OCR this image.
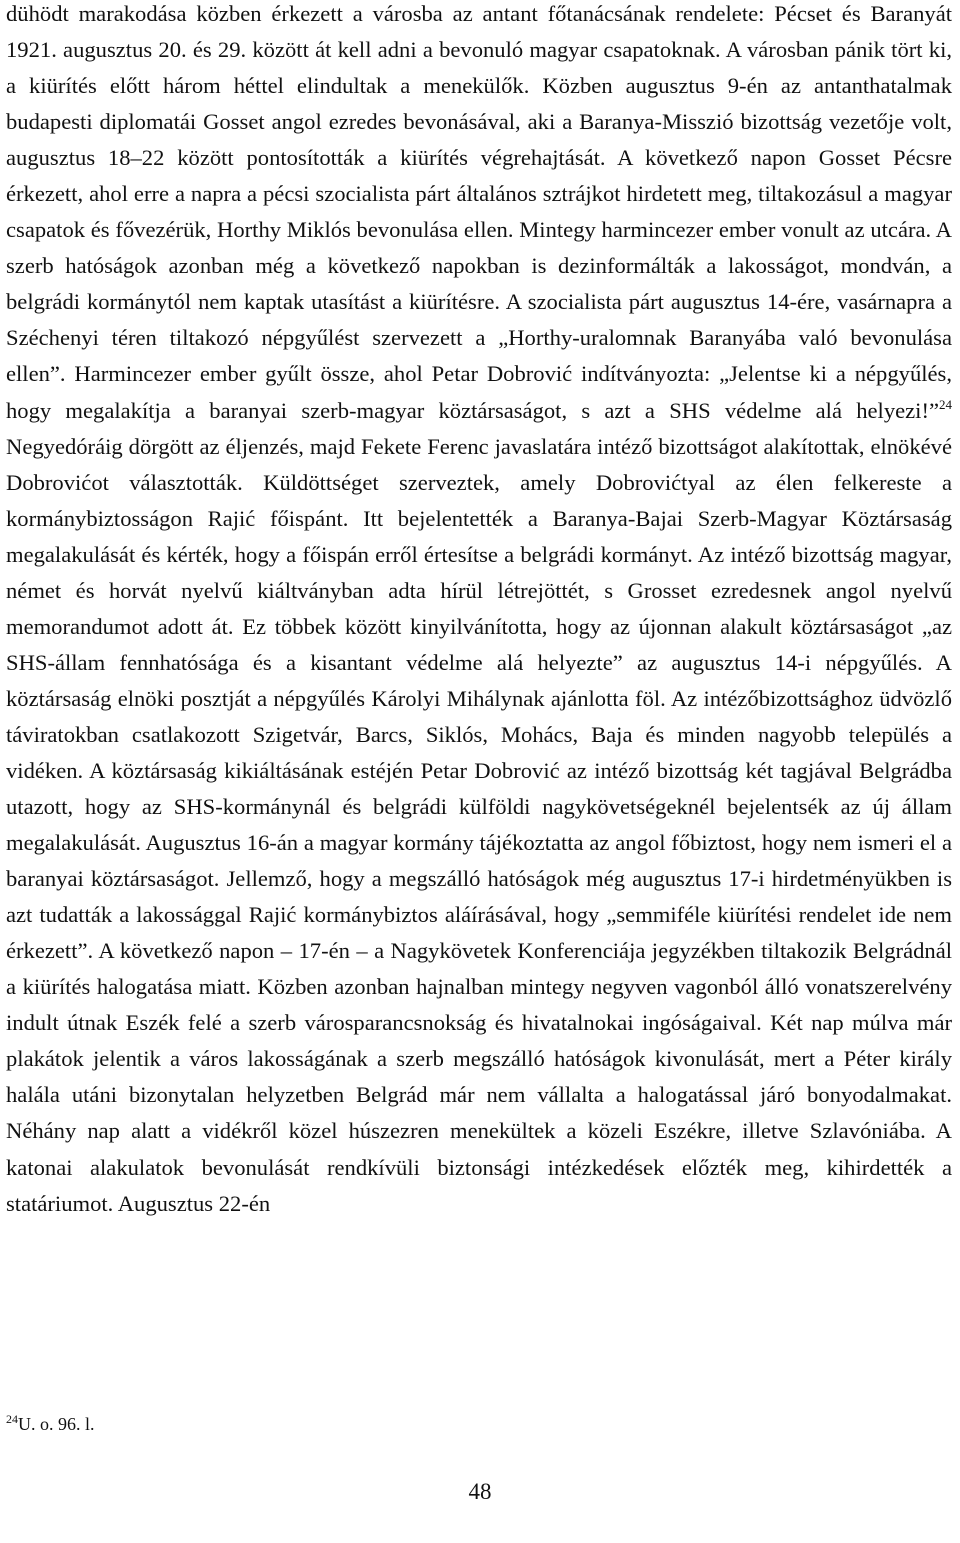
dühödt marakodása közben érkezett a városba az antant főtanácsának rendelete: Pécset és Baranyát 1921. augusztus 20. és 29. között át kell adni a bevonuló magyar csapatoknak. A városban pánik tört ki, a kiürítés előtt három héttel elindultak a menekülők. Közben augusztus 9-én az antanthatalmak budapesti diplomatái Gosset angol ezredes bevonásával, aki a Baranya-Misszió bizottság vezetője volt, augusztus 18–22 között pontosították a kiürítés végrehajtását. A következő napon Gosset Pécsre érkezett, ahol erre a napra a pécsi szocialista párt általános sztrájkot hirdetett meg, tiltakozásul a magyar csapatok és fővezérük, Horthy Miklós bevonulása ellen. Mintegy harmincezer ember vonult az utcára. A szerb hatóságok azonban még a következő napokban is dezinformálták a lakosságot, mondván, a belgrádi kormánytól nem kaptak utasítást a kiürítésre. A szocialista párt augusztus 14-ére, vasárnapra a Széchenyi téren tiltakozó népgyűlést szervezett a „Horthy-uralomnak Baranyába való bevonulása ellen”. Harmincezer ember gyűlt össze, ahol Petar Dobrović indítványozta: „Jelentse ki a népgyűlés, hogy megalakítja a baranyai szerb-magyar köztársaságot, s azt a SHS védelme alá helyezi!”$^{24}$ Negyedóráig dörgött az éljenzés, majd Fekete Ferenc javaslatára intéző bizottságot alakítottak, elnökévé Dobrovićot választották. Küldöttséget szerveztek, amely Dobrovićtyal az élen felkereste a kormánybiztosságon Rajić főispánt. Itt bejelentették a Baranya-Bajai Szerb-Magyar Köztársaság megalakulását és kérték, hogy a főispán erről értesítse a belgrádi kormányt. Az intéző bizottság magyar, német és horvát nyelvű kiáltványban adta hírül létrejöttét, s Grosset ezredesnek angol nyelvű memorandumot adott át. Ez többek között kinyilvánította, hogy az újonnan alakult köztársaságot „az SHS-állam fennhatósága és a kisantant védelme alá helyezte” az augusztus 14-i népgyűlés. A köztársaság elnöki posztját a népgyűlés Károlyi Mihálynak ajánlotta föl. Az intézőbizottsághoz üdvözlő táviratokban csatlakozott Szigetvár, Barcs, Siklós, Mohács, Baja és minden nagyobb település a vidéken. A köztársaság kikiáltásának estéjén Petar Dobrović az intéző bizottság két tagjával Belgrádba utazott, hogy az SHS-kormánynál és belgrádi külföldi nagykövetségeknél bejelentsék az új állam megalakulását. Augusztus 16-án a magyar kormány tájékoztatta az angol főbiztost, hogy nem ismeri el a baranyai köztársaságot. Jellemző, hogy a megszálló hatóságok még augusztus 17-i hirdetményükben is azt tudatták a lakossággal Rajić kormánybiztos aláírásával, hogy „semmiféle kiürítési rendelet ide nem érkezett”. A következő napon – 17-én – a Nagykövetek Konferenciája jegyzékben tiltakozik Belgrádnál a kiürítés halogatása miatt. Közben azonban hajnalban mintegy negyven vagonból álló vonatszerelvény indult útnak Eszék felé a szerb városparancsnokság és hivatalnokai ingóságaival. Két nap múlva már plakátok jelentik a város lakosságának a szerb megszálló hatóságok kivonulását, mert a Péter király halála utáni bizonytalan helyzetben Belgrád már nem vállalta a halogatással járó bonyodalmakat. Néhány nap alatt a vidékről közel húszezren menekültek a közeli Eszékre, illetve Szlavóniába. A katonai alakulatok bevonulását rendkívüli biztonsági intézkedések előzték meg, kihirdették a statáriumot. Augusztus 22-én

$^{24}$U. o. 96. l.

48
